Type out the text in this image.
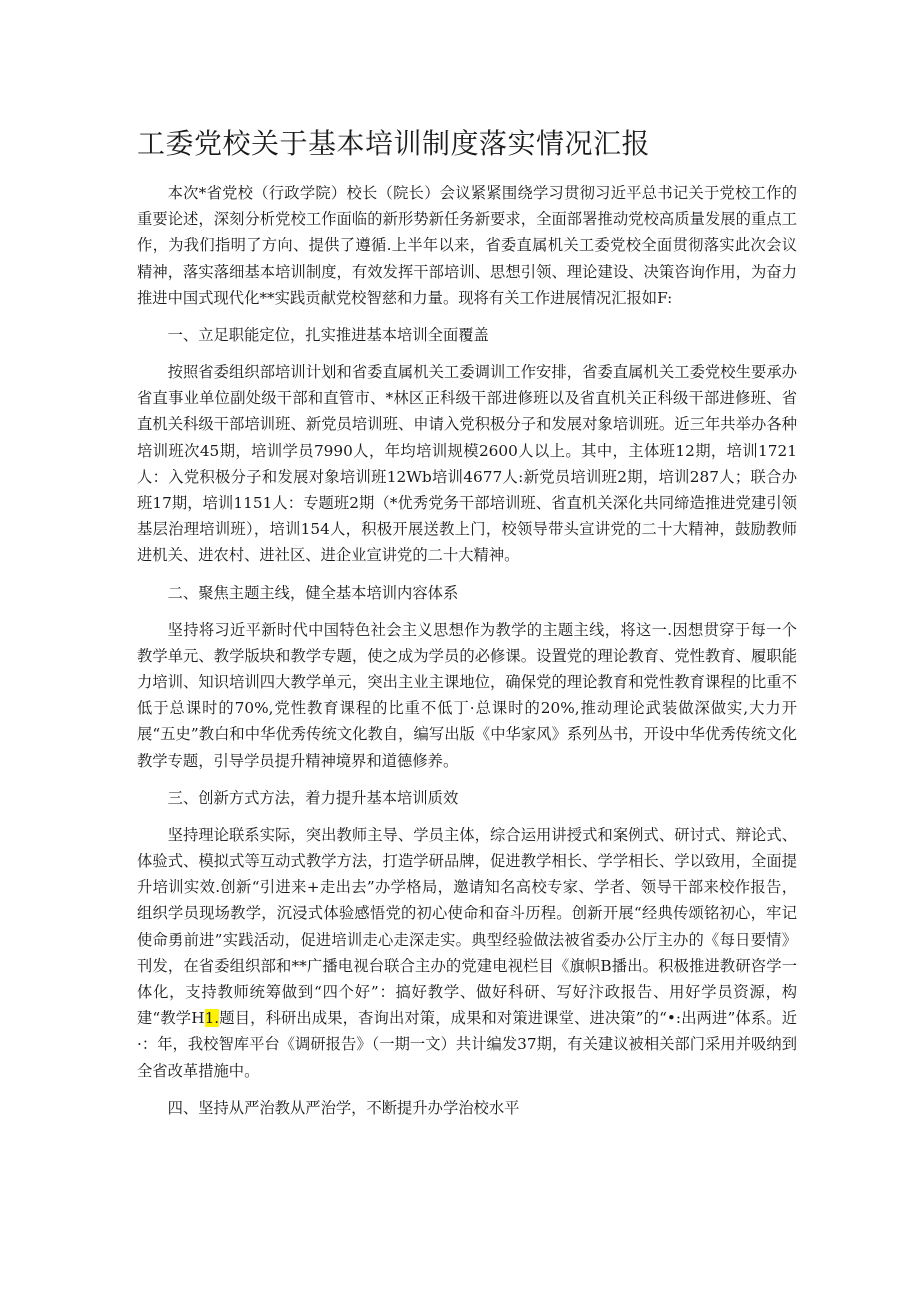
工委党校关于基本培训制度落实情况汇报

本次*省党校（行政学院）校长（院长）会议紧紧围绕学习贯彻习近平总书记关于党校工作的重要论述，深刻分析党校工作面临的新形势新任务新要求，全面部署推动党校高质量发展的重点工作，为我们指明了方向、提供了遵循.上半年以来，省委直属机关工委党校全面贯彻落实此次会议精神，落实落细基本培训制度，有效发挥干部培训、思想引领、理论建设、决策咨询作用，为奋力推进中国式现代化**实践贡献党校智慈和力量。现将有关工作进展情况汇报如F:

一、立足职能定位，扎实推进基本培训全面覆盖

按照省委组织部培训计划和省委直属机关工委调训工作安排，省委直属机关工委党校生要承办省直事业单位副处级干部和直管市、*林区正科级干部进修班以及省直机关正科级干部进修班、省直机关科级干部培训班、新党员培训班、申请入党积极分子和发展对象培训班。近三年共举办各种培训班次45期，培训学员7990人，年均培训规模2600人以上。其中，主体班12期，培训1721人：入党积极分子和发展对象培训班12Wb培训4677人:新党员培训班2期，培训287人；联合办班17期，培训1151人：专题班2期（*优秀党务干部培训班、省直机关深化共同缔造推进党建引领基层治理培训班），培训154人，积极开展送教上门，校领导带头宣讲党的二十大精神，鼓励教师进机关、进农村、进社区、进企业宣讲党的二十大精神。

二、聚焦主题主线，健全基本培训内容体系

坚持将习近平新时代中国特色社会主义思想作为教学的主题主线，将这一.因想贯穿于每一个教学单元、教学版块和教学专题，使之成为学员的必修课。设置党的理论教育、党性教育、履职能力培训、知识培训四大教学单元，突出主业主课地位，确保党的理论教育和党性教育课程的比重不低于总课时的70%,党性教育课程的比重不低丁·总课时的20%,推动理论武装做深做实,大力开展“五史”教白和中华优秀传统文化教自，编写出版《中华家风》系列丛书，开设中华优秀传统文化教学专题，引导学员提升精神境界和道德修养。

三、创新方式方法，着力提升基本培训质效

坚持理论联系实际，突出教师主导、学员主体，综合运用讲授式和案例式、研讨式、辩论式、体验式、模拟式等互动式教学方法，打造学研品牌，促进教学相长、学学相长、学以致用，全面提升培训实效.创新“引进来+走出去”办学格局，邀请知名高校专家、学者、领导干部来校作报告，组织学员现场教学，沉浸式体验感悟党的初心使命和奋斗历程。创新开展“经典传颂铭初心，牢记使命勇前进”实践活动，促进培训走心走深走实。典型经验做法被省委办公厅主办的《每日要情》刊发，在省委组织部和**广播电视台联合主办的党建电视栏目《旗帜B播出。积极推进教研咨学一体化，支持教师统筹做到“四个好”：搞好教学、做好科研、写好汴政报告、用好学员资源，构建“教学H1.题目，科研出成果，杳询出对策，成果和对策进课堂、进决策”的“•:出两进”体系。近·：年，我校智库平台《调研报告》（一期一文）共计编发37期，有关建议被相关部门采用并吸纳到全省改革措施中。

四、坚持从严治教从严治学，不断提升办学治校水平
